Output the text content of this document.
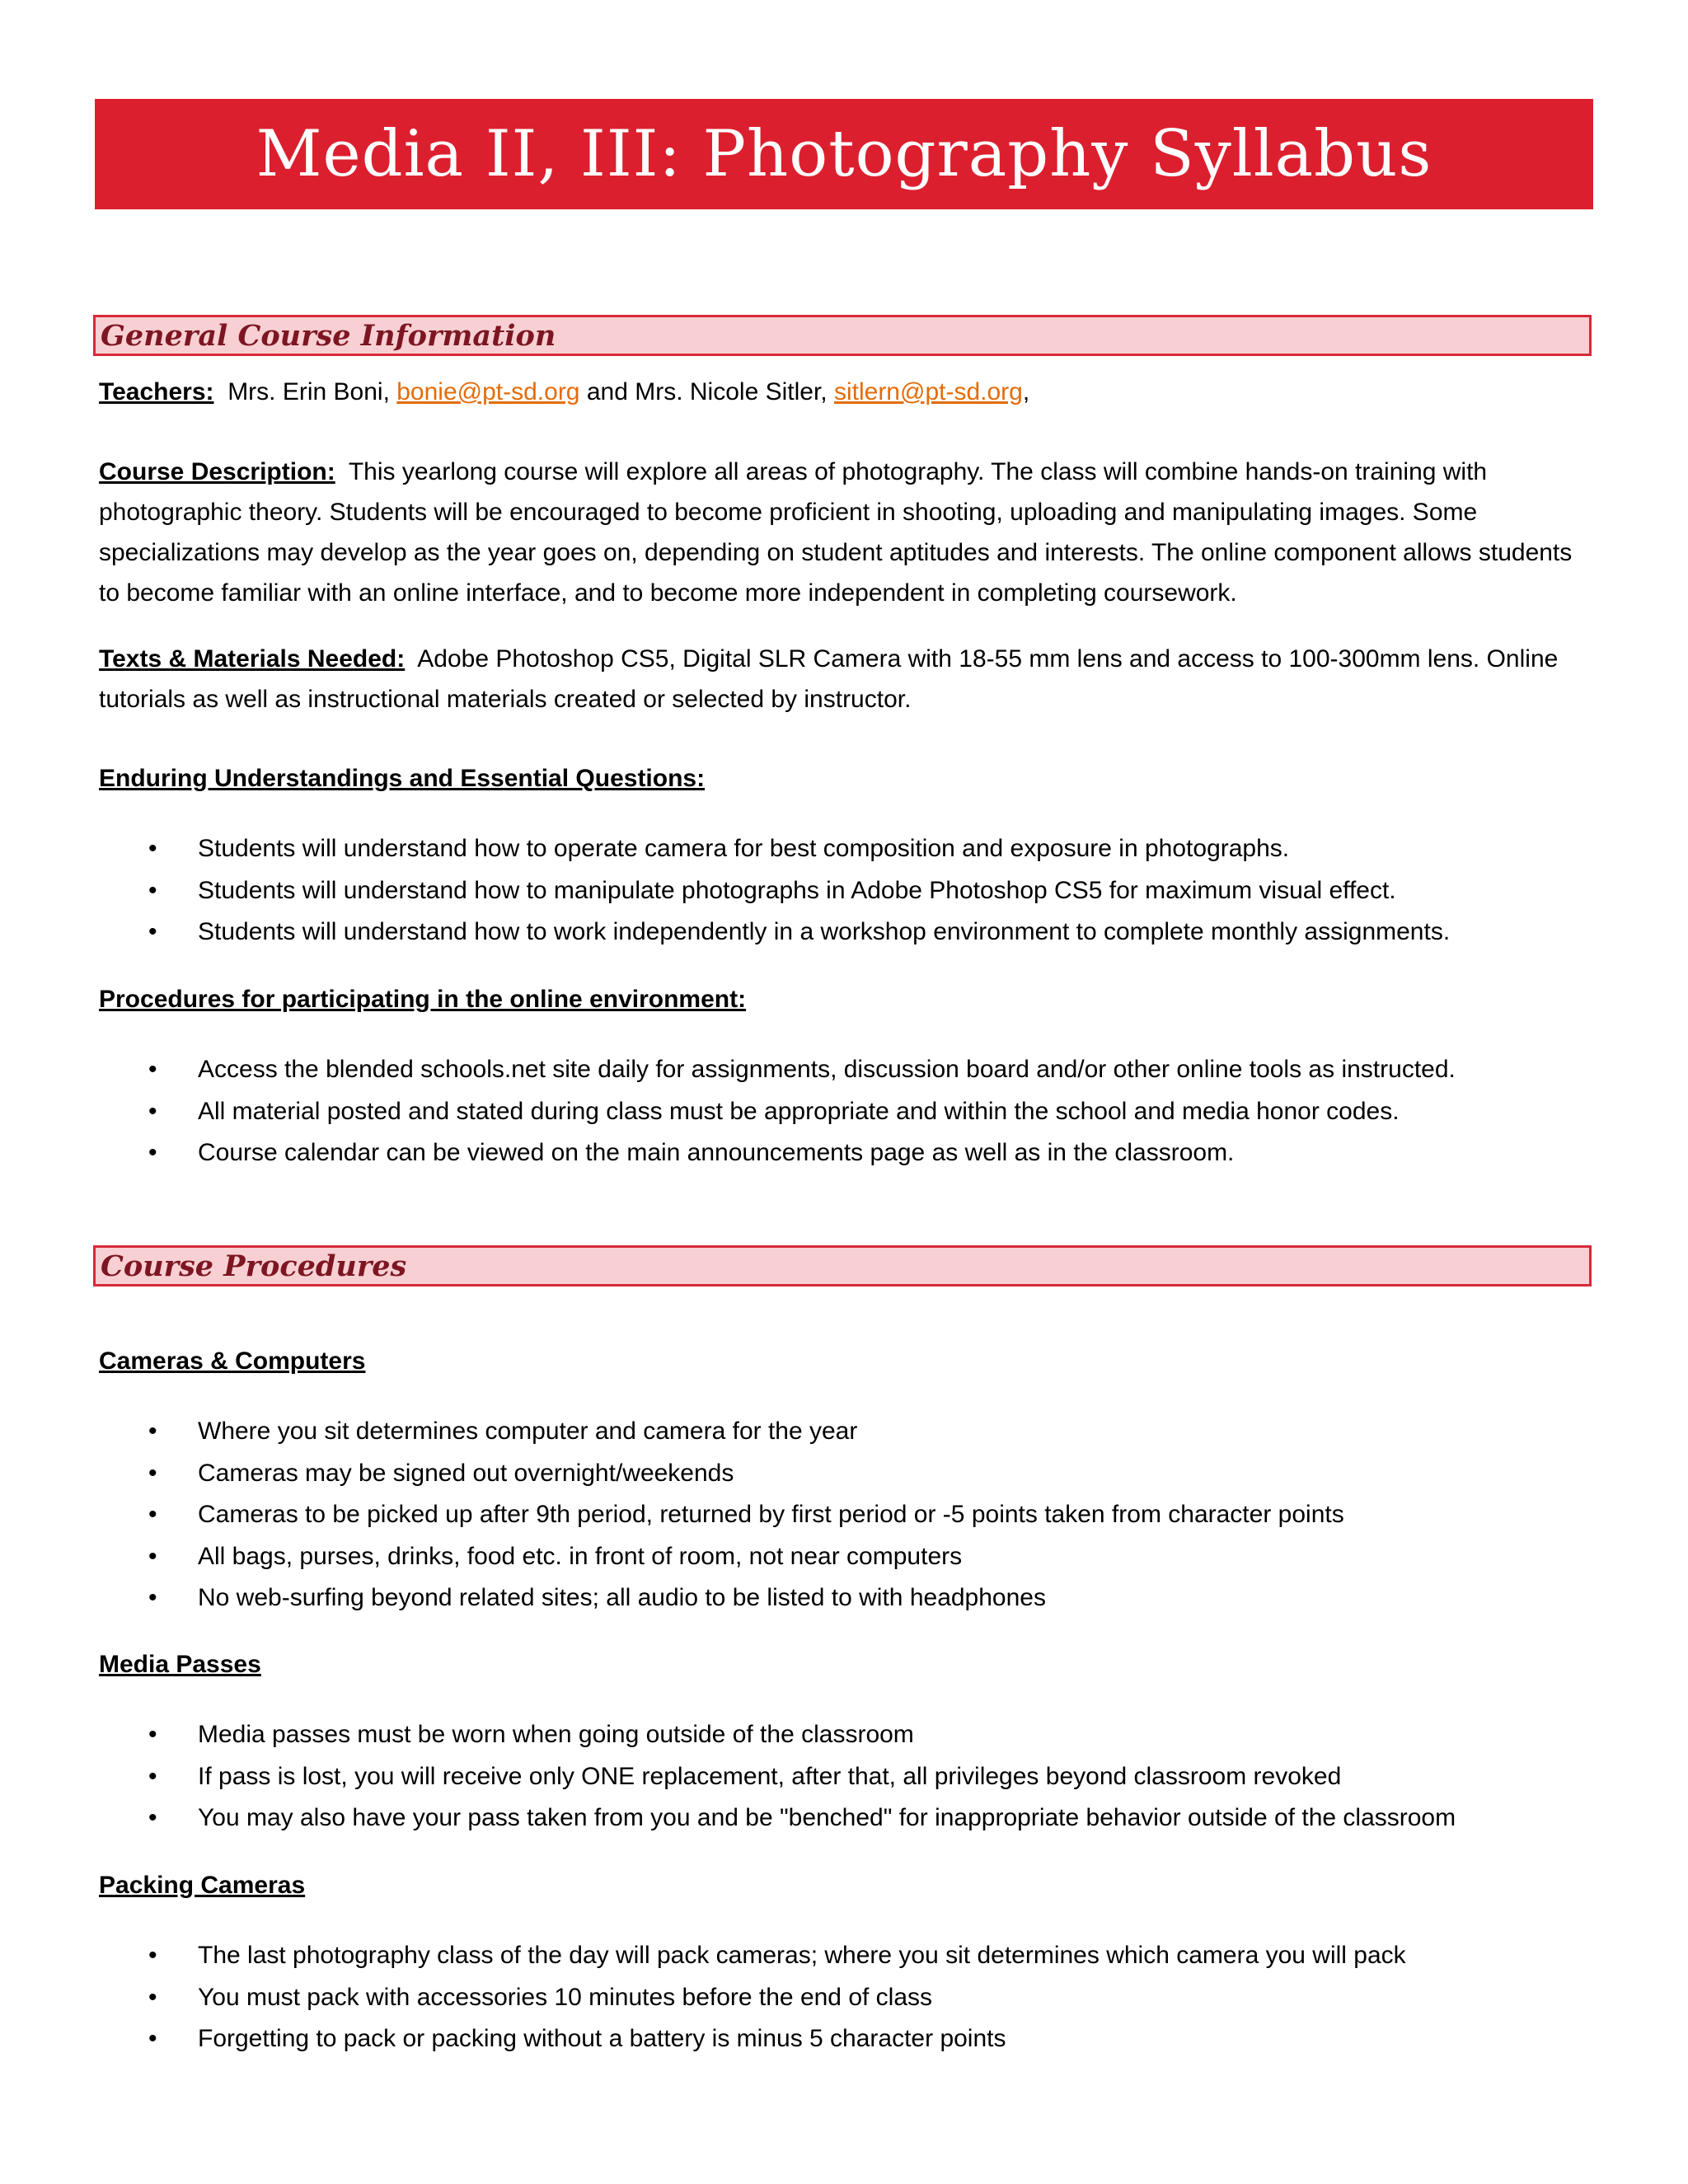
Media II, III: Photography Syllabus
General Course Information

Teachers: Mrs. Erin Boni, bonie@pt-sd.org and Mrs. Nicole Sitler, sitlern@pt-sd.org,

Course Description: This yearlong course will explore all areas of photography. The class will combine hands-on training with photographic theory. Students will be encouraged to become proficient in shooting, uploading and manipulating images. Some specializations may develop as the year goes on, depending on student aptitudes and interests. The online component allows students to become familiar with an online interface, and to become more independent in completing coursework.

Texts & Materials Needed: Adobe Photoshop CS5, Digital SLR Camera with 18-55 mm lens and access to 100-300mm lens. Online tutorials as well as instructional materials created or selected by instructor.

Enduring Understandings and Essential Questions:

• Students will understand how to operate camera for best composition and exposure in photographs.
• Students will understand how to manipulate photographs in Adobe Photoshop CS5 for maximum visual effect.
• Students will understand how to work independently in a workshop environment to complete monthly assignments.

Procedures for participating in the online environment:

• Access the blended schools.net site daily for assignments, discussion board and/or other online tools as instructed.
• All material posted and stated during class must be appropriate and within the school and media honor codes.
• Course calendar can be viewed on the main announcements page as well as in the classroom.
Course Procedures

Cameras & Computers

• Where you sit determines computer and camera for the year
• Cameras may be signed out overnight/weekends
• Cameras to be picked up after 9th period, returned by first period or -5 points taken from character points
• All bags, purses, drinks, food etc. in front of room, not near computers
• No web-surfing beyond related sites; all audio to be listed to with headphones

Media Passes

• Media passes must be worn when going outside of the classroom
• If pass is lost, you will receive only ONE replacement, after that, all privileges beyond classroom revoked
• You may also have your pass taken from you and be "benched" for inappropriate behavior outside of the classroom

Packing Cameras

• The last photography class of the day will pack cameras; where you sit determines which camera you will pack
• You must pack with accessories 10 minutes before the end of class
• Forgetting to pack or packing without a battery is minus 5 character points
